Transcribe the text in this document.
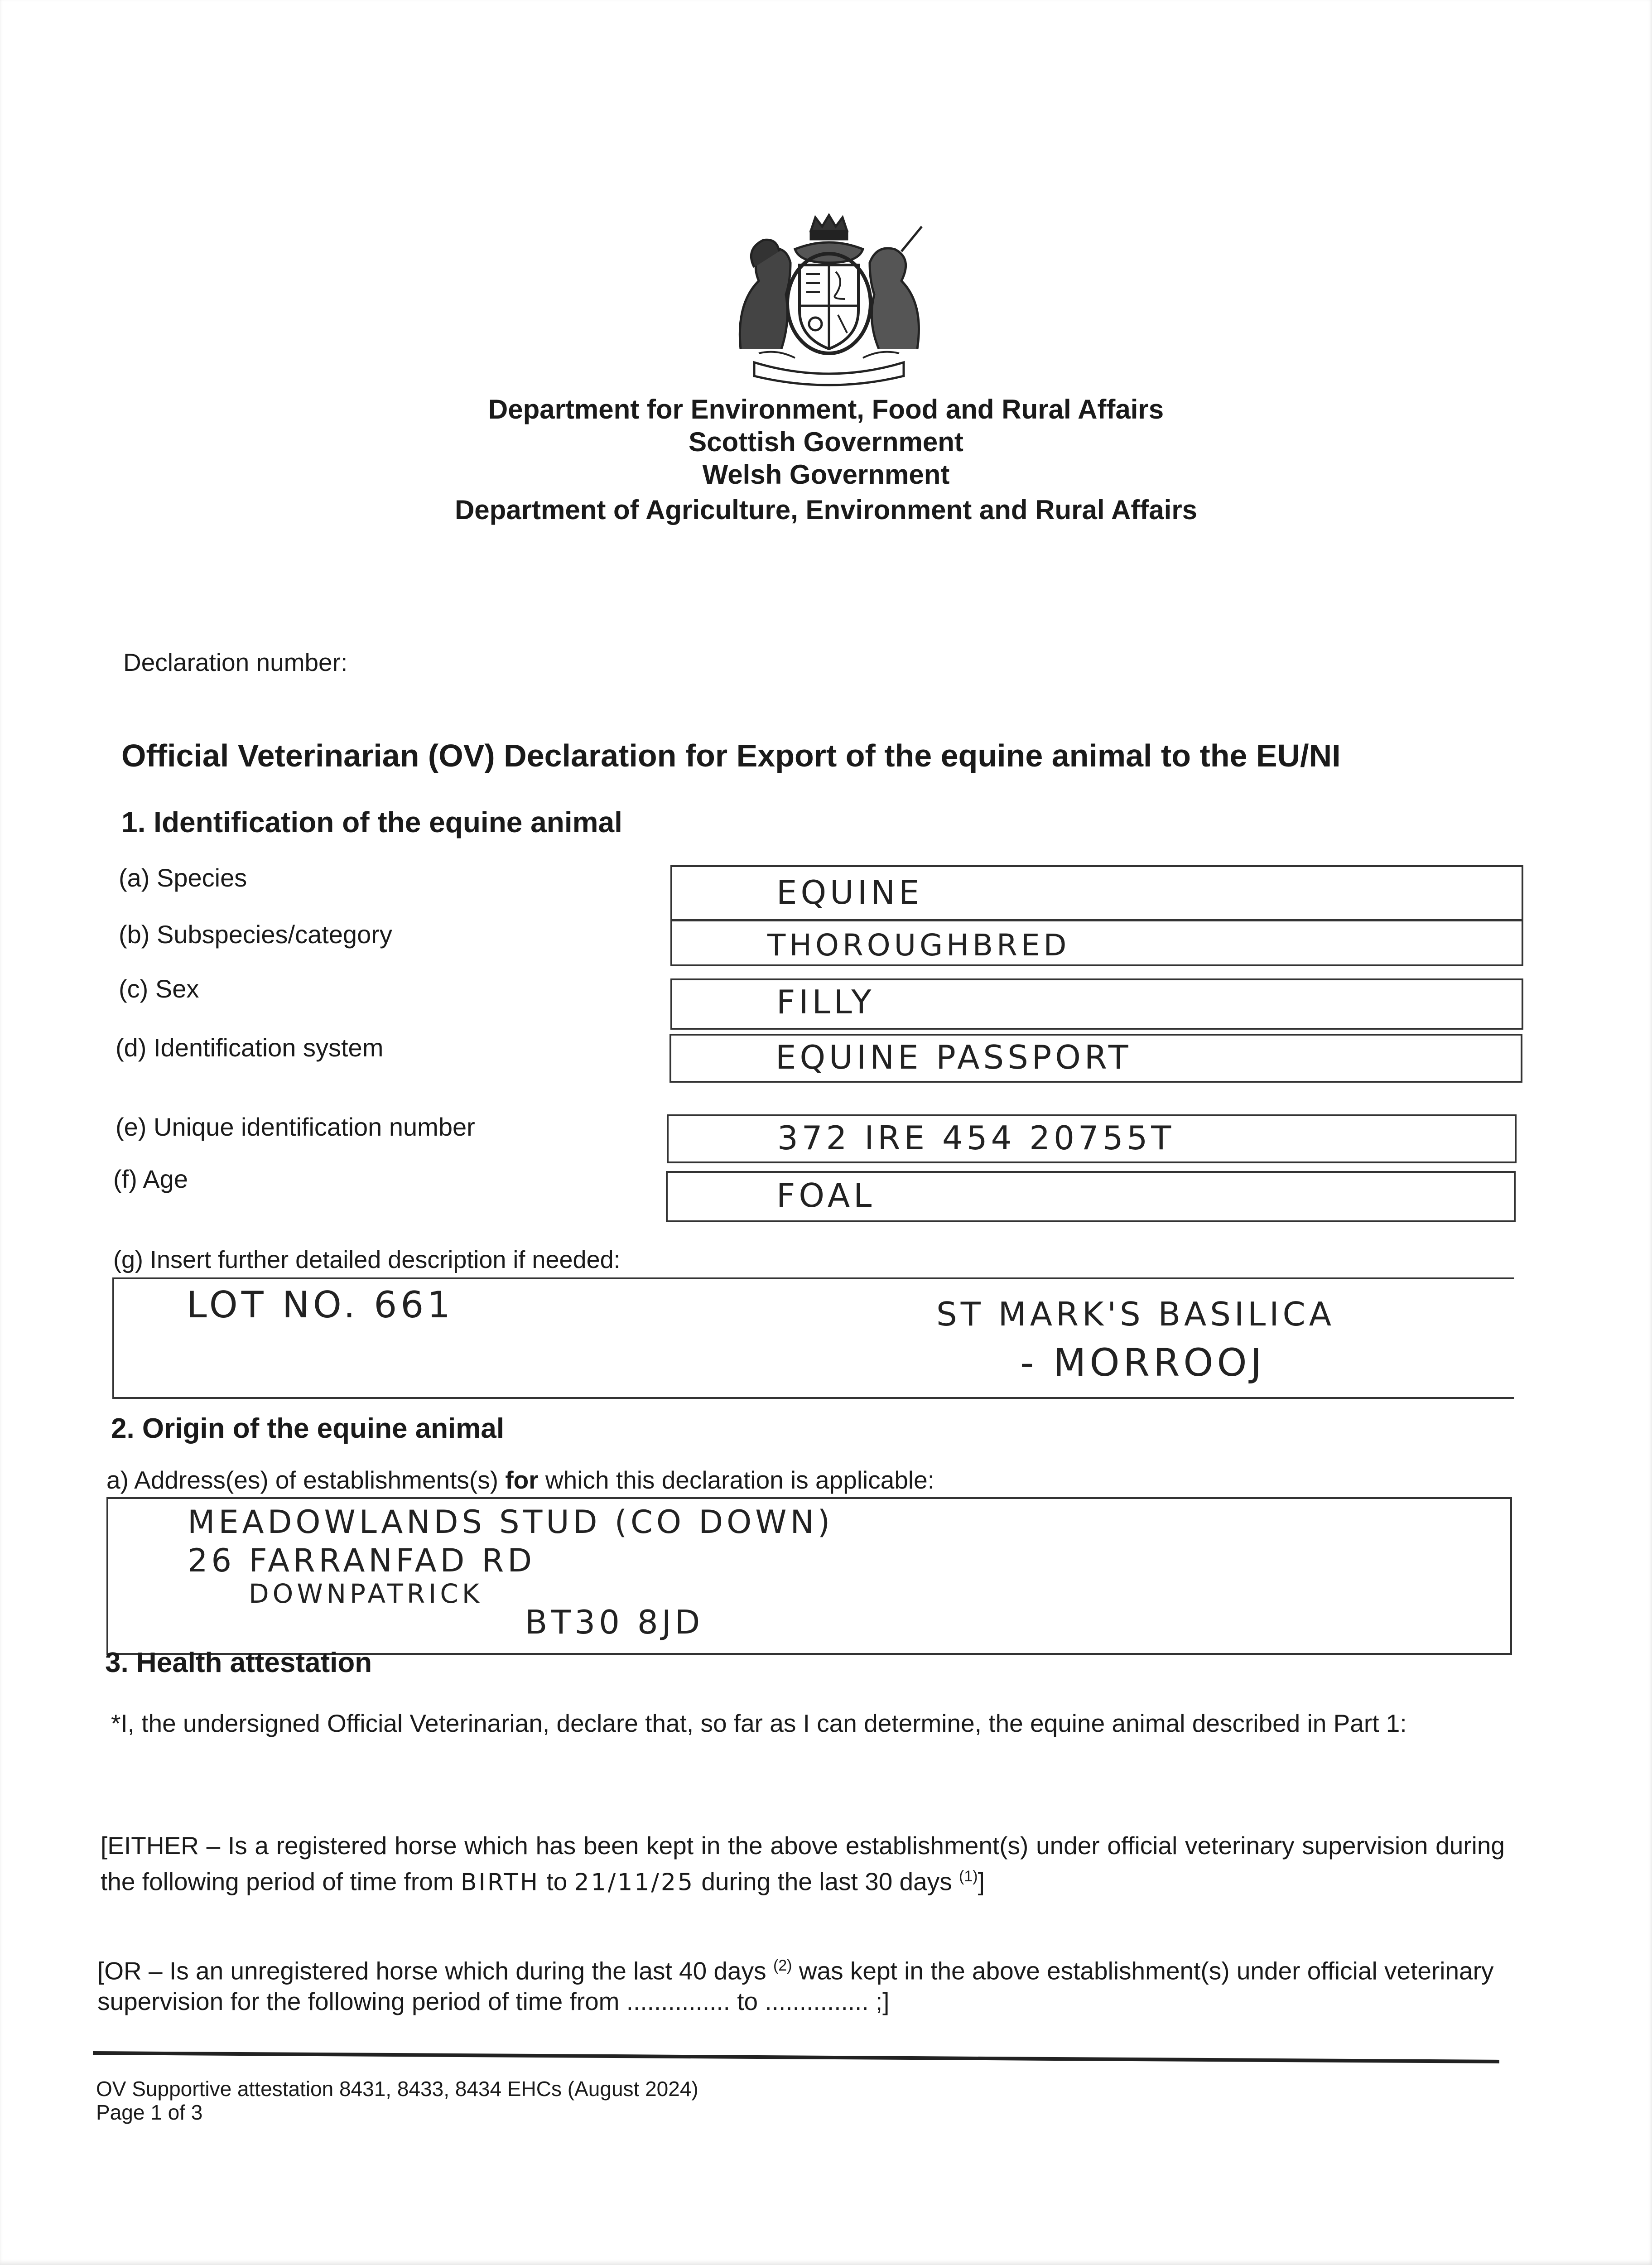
Department for Environment, Food and Rural Affairs
Scottish Government
Welsh Government
Department of Agriculture, Environment and Rural Affairs
Declaration number:
Official Veterinarian (OV) Declaration for Export of the equine animal to the EU/NI
1. Identification of the equine animal
(a) Species	EQUINE
(b) Subspecies/category	THOROUGHBRED
(c) Sex	FILLY
(d) Identification system	EQUINE PASSPORT
(e) Unique identification number	372 IRE 454 20755T
(f) Age	FOAL
(g) Insert further detailed description if needed:
LOT NO. 661	ST MARK'S BASILICA
- MORROOJ
2. Origin of the equine animal
a) Address(es) of establishments(s) for which this declaration is applicable:
MEADOWLANDS STUD (CO DOWN)
26 FARRANFAD RD
DOWNPATRICK
BT30 8JD
3. Health attestation
*I, the undersigned Official Veterinarian, declare that, so far as I can determine, the equine animal described in Part 1:
[EITHER – Is a registered horse which has been kept in the above establishment(s) under official veterinary supervision during the following period of time from BIRTH to 21/11/25 during the last 30 days $^{(1)}$]
[OR – Is an unregistered horse which during the last 40 days $^{(2)}$ was kept in the above establishment(s) under official veterinary supervision for the following period of time from ............... to ............... ;]
OV Supportive attestation 8431, 8433, 8434 EHCs (August 2024)
Page 1 of 3
